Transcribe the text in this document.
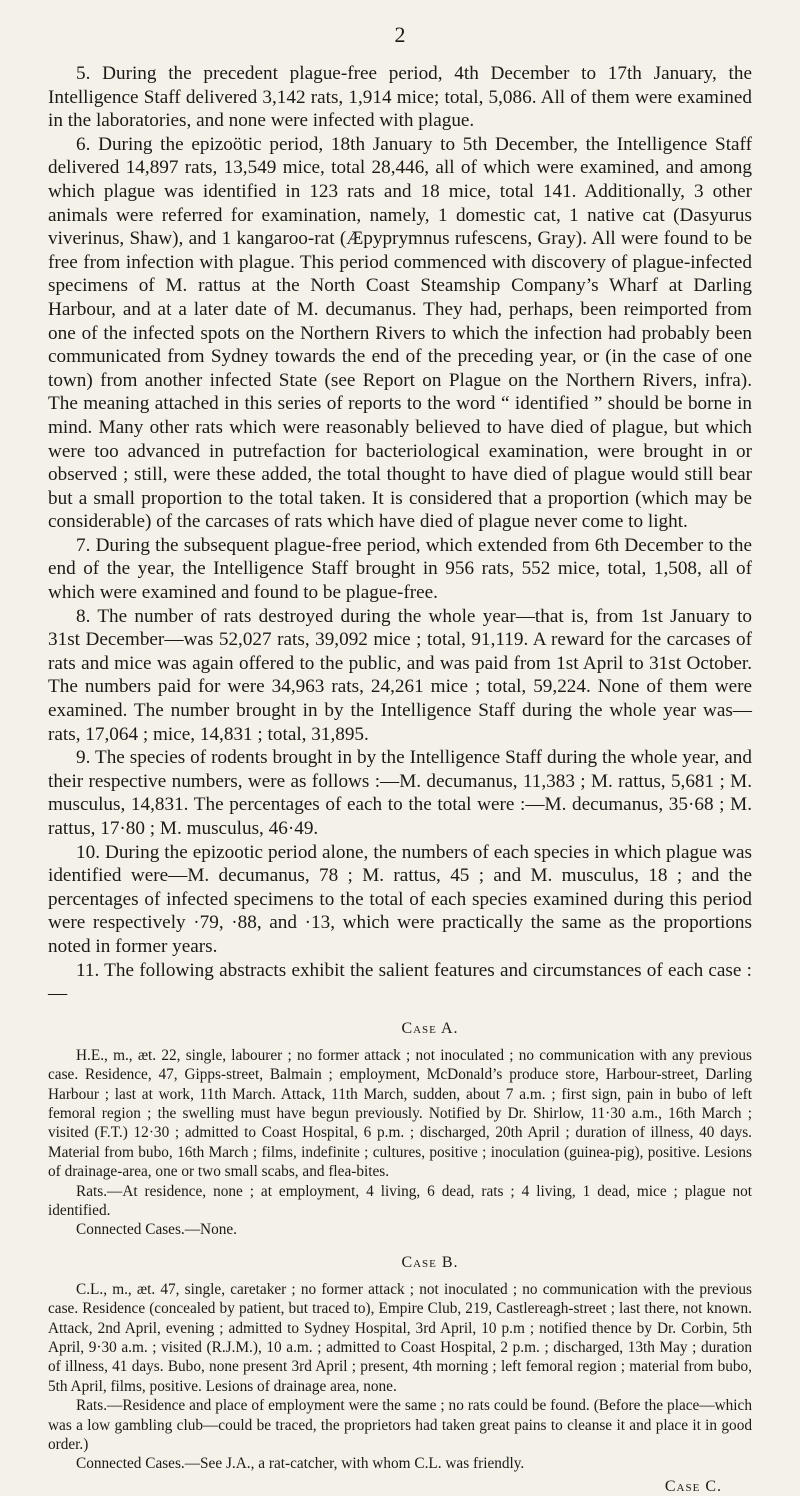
2

5. During the precedent plague-free period, 4th December to 17th January, the Intelligence Staff delivered 3,142 rats, 1,914 mice; total, 5,086. All of them were examined in the laboratories, and none were infected with plague.

6. During the epizoötic period, 18th January to 5th December, the Intelligence Staff delivered 14,897 rats, 13,549 mice, total 28,446, all of which were examined, and among which plague was identified in 123 rats and 18 mice, total 141. Additionally, 3 other animals were referred for examination, namely, 1 domestic cat, 1 native cat (Dasyurus viverinus, Shaw), and 1 kangaroo-rat (Æpyprymnus rufescens, Gray). All were found to be free from infection with plague. This period commenced with discovery of plague-infected specimens of M. rattus at the North Coast Steamship Company’s Wharf at Darling Harbour, and at a later date of M. decumanus. They had, perhaps, been reimported from one of the infected spots on the Northern Rivers to which the infection had probably been communicated from Sydney towards the end of the preceding year, or (in the case of one town) from another infected State (see Report on Plague on the Northern Rivers, infra). The meaning attached in this series of reports to the word “ identified ” should be borne in mind. Many other rats which were reasonably believed to have died of plague, but which were too advanced in putrefaction for bacteriological examination, were brought in or observed ; still, were these added, the total thought to have died of plague would still bear but a small proportion to the total taken. It is considered that a proportion (which may be considerable) of the carcases of rats which have died of plague never come to light.

7. During the subsequent plague-free period, which extended from 6th December to the end of the year, the Intelligence Staff brought in 956 rats, 552 mice, total, 1,508, all of which were examined and found to be plague-free.

8. The number of rats destroyed during the whole year—that is, from 1st January to 31st December—was 52,027 rats, 39,092 mice ; total, 91,119. A reward for the carcases of rats and mice was again offered to the public, and was paid from 1st April to 31st October. The numbers paid for were 34,963 rats, 24,261 mice ; total, 59,224. None of them were examined. The number brought in by the Intelligence Staff during the whole year was—rats, 17,064 ; mice, 14,831 ; total, 31,895.

9. The species of rodents brought in by the Intelligence Staff during the whole year, and their respective numbers, were as follows :—M. decumanus, 11,383 ; M. rattus, 5,681 ; M. musculus, 14,831. The percentages of each to the total were :—M. decumanus, 35·68 ; M. rattus, 17·80 ; M. musculus, 46·49.

10. During the epizootic period alone, the numbers of each species in which plague was identified were—M. decumanus, 78 ; M. rattus, 45 ; and M. musculus, 18 ; and the percentages of infected specimens to the total of each species examined during this period were respectively ·79, ·88, and ·13, which were practically the same as the proportions noted in former years.

11. The following abstracts exhibit the salient features and circumstances of each case :—

Case A.

H.E., m., æt. 22, single, labourer ; no former attack ; not inoculated ; no communication with any previous case. Residence, 47, Gipps-street, Balmain ; employment, McDonald’s produce store, Harbour-street, Darling Harbour ; last at work, 11th March. Attack, 11th March, sudden, about 7 a.m. ; first sign, pain in bubo of left femoral region ; the swelling must have begun previously. Notified by Dr. Shirlow, 11·30 a.m., 16th March ; visited (F.T.) 12·30 ; admitted to Coast Hospital, 6 p.m. ; discharged, 20th April ; duration of illness, 40 days. Material from bubo, 16th March ; films, indefinite ; cultures, positive ; inoculation (guinea-pig), positive. Lesions of drainage-area, one or two small scabs, and flea-bites.

Rats.—At residence, none ; at employment, 4 living, 6 dead, rats ; 4 living, 1 dead, mice ; plague not identified.

Connected Cases.—None.

Case B.

C.L., m., æt. 47, single, caretaker ; no former attack ; not inoculated ; no communication with the previous case. Residence (concealed by patient, but traced to), Empire Club, 219, Castlereagh-street ; last there, not known. Attack, 2nd April, evening ; admitted to Sydney Hospital, 3rd April, 10 p.m ; notified thence by Dr. Corbin, 5th April, 9·30 a.m. ; visited (R.J.M.), 10 a.m. ; admitted to Coast Hospital, 2 p.m. ; discharged, 13th May ; duration of illness, 41 days. Bubo, none present 3rd April ; present, 4th morning ; left femoral region ; material from bubo, 5th April, films, positive. Lesions of drainage area, none.

Rats.—Residence and place of employment were the same ; no rats could be found. (Before the place—which was a low gambling club—could be traced, the proprietors had taken great pains to cleanse it and place it in good order.)

Connected Cases.—See J.A., a rat-catcher, with whom C.L. was friendly.

Case C.
